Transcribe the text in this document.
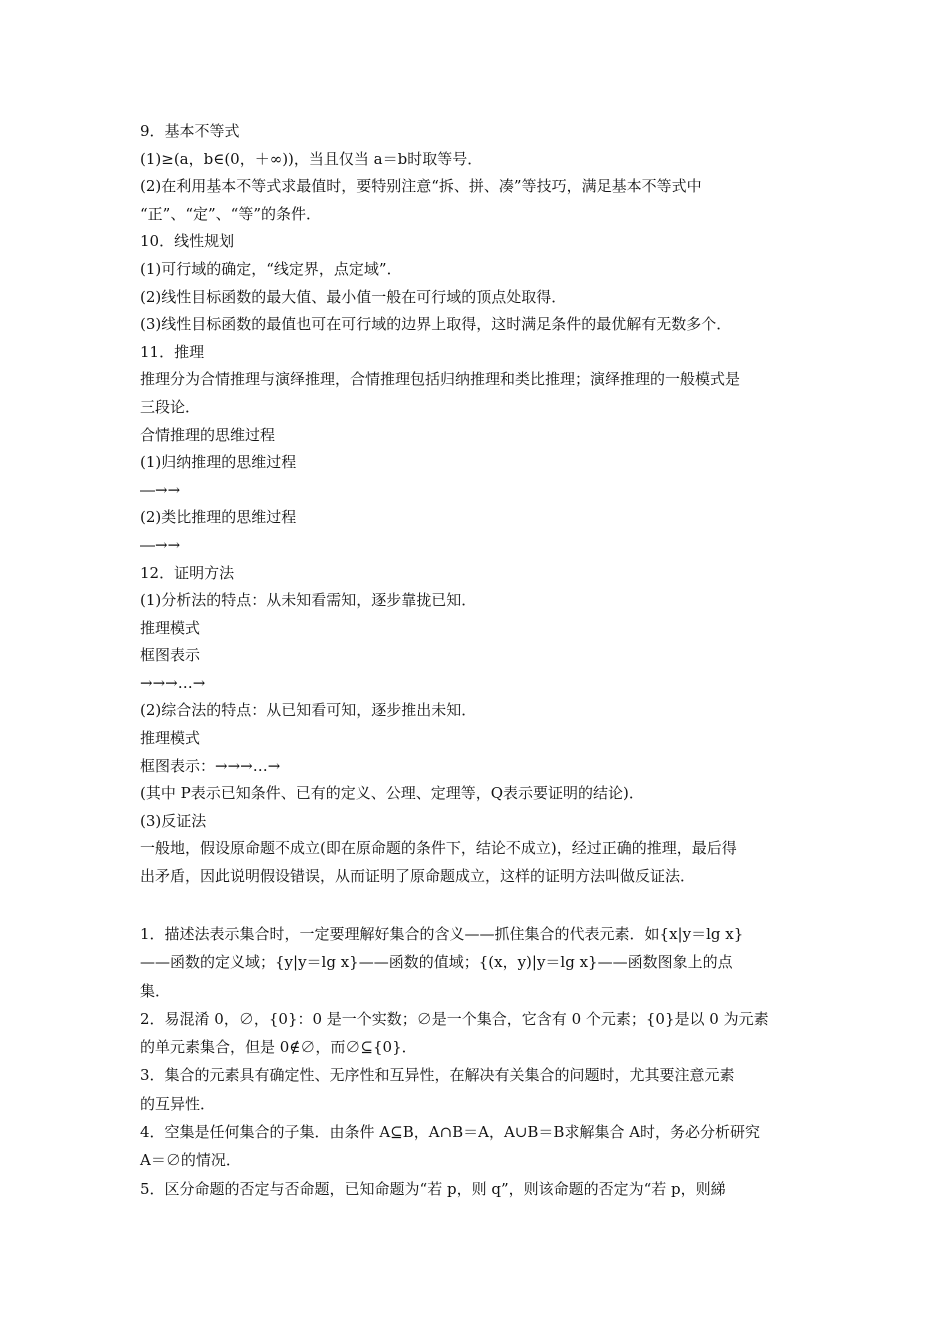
9．基本不等式

(1)≥(a，b∈(0，＋∞))，当且仅当 a＝b时取等号．

(2)在利用基本不等式求最值时，要特别注意“拆、拼、凑”等技巧，满足基本不等式中

“正”、“定”、“等”的条件．

10．线性规划

(1)可行域的确定，“线定界，点定域”．

(2)线性目标函数的最大值、最小值一般在可行域的顶点处取得．

(3)线性目标函数的最值也可在可行域的边界上取得，这时满足条件的最优解有无数多个．

11．推理

推理分为合情推理与演绎推理，合情推理包括归纳推理和类比推理；演绎推理的一般模式是

三段论．

合情推理的思维过程

(1)归纳推理的思维过程

―→→

(2)类比推理的思维过程

―→→

12．证明方法

(1)分析法的特点：从未知看需知，逐步靠拢已知．

推理模式

框图表示

→→→…→

(2)综合法的特点：从已知看可知，逐步推出未知．

推理模式

框图表示：→→→…→

(其中 P表示已知条件、已有的定义、公理、定理等，Q表示要证明的结论)．

(3)反证法

一般地，假设原命题不成立(即在原命题的条件下，结论不成立)，经过正确的推理，最后得

出矛盾，因此说明假设错误，从而证明了原命题成立，这样的证明方法叫做反证法．

1．描述法表示集合时，一定要理解好集合的含义——抓住集合的代表元素．如{x|y＝lg x}

——函数的定义域；{y|y＝lg x}——函数的值域；{(x，y)|y＝lg x}——函数图象上的点

集．

2．易混淆 0，∅，{0}：0 是一个实数；∅是一个集合，它含有 0 个元素；{0}是以 0 为元素

的单元素集合，但是 0∉∅，而∅⊆{0}．

3．集合的元素具有确定性、无序性和互异性，在解决有关集合的问题时，尤其要注意元素

的互异性．

4．空集是任何集合的子集．由条件 A⊆B，A∩B＝A，A∪B＝B求解集合 A时，务必分析研究

A＝∅的情况．

5．区分命题的否定与否命题，已知命题为“若 p，则 q”，则该命题的否定为“若 p，则綈
